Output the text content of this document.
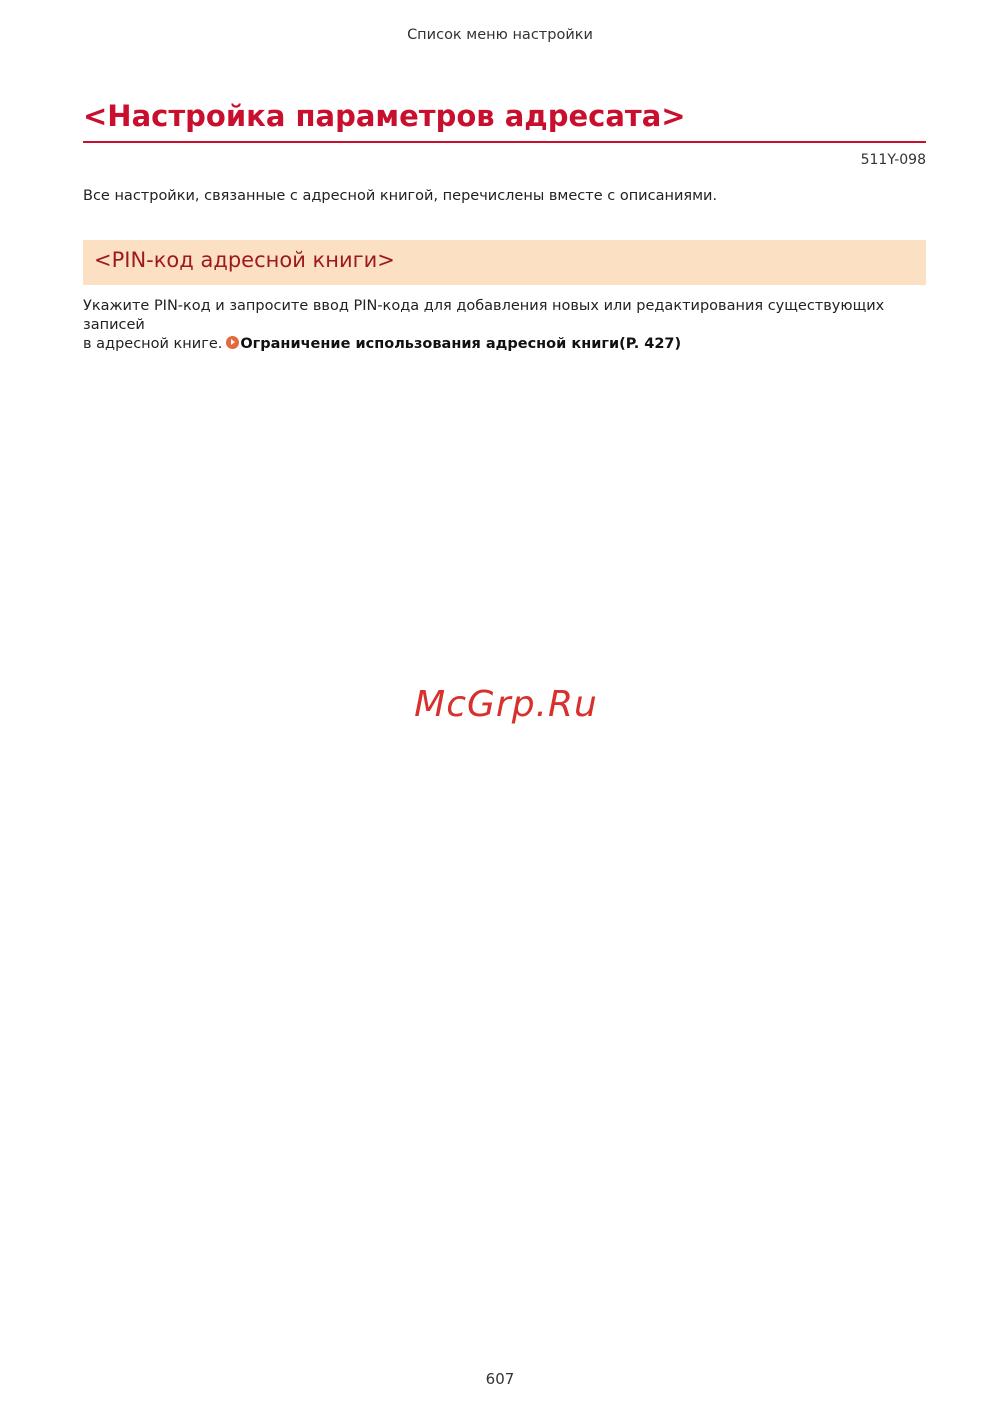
Список меню настройки
<Настройка параметров адресата>
511Y-098
Все настройки, связанные с адресной книгой, перечислены вместе с описаниями.
<PIN-код адресной книги>

Укажите PIN-код и запросите ввод PIN-кода для добавления новых или редактирования существующих записей
в адресной книге. Ограничение использования адресной книги(P. 427)

McGrp.Ru
607
